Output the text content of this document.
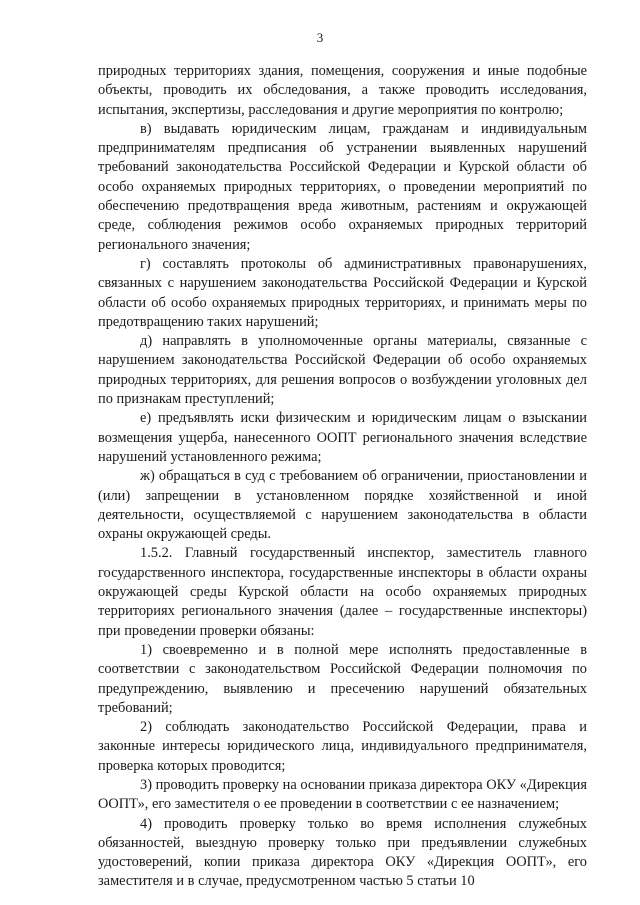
3

природных территориях здания, помещения, сооружения и иные подобные объекты, проводить их обследования, а также проводить исследования, испытания, экспертизы, расследования и другие мероприятия по контролю;

в) выдавать юридическим лицам, гражданам и индивидуальным предпринимателям предписания об устранении выявленных нарушений требований законодательства Российской Федерации и Курской области об особо охраняемых природных территориях, о проведении мероприятий по обеспечению предотвращения вреда животным, растениям и окружающей среде, соблюдения режимов особо охраняемых природных территорий регионального значения;

г) составлять протоколы об административных правонарушениях, связанных с нарушением законодательства Российской Федерации и Курской области об особо охраняемых природных территориях, и принимать меры по предотвращению таких нарушений;

д) направлять в уполномоченные органы материалы, связанные с нарушением законодательства Российской Федерации об особо охраняемых природных территориях, для решения вопросов о возбуждении уголовных дел по признакам преступлений;

е) предъявлять иски физическим и юридическим лицам о взыскании возмещения ущерба, нанесенного ООПТ регионального значения вследствие нарушений установленного режима;

ж) обращаться в суд с требованием об ограничении, приостановлении и (или) запрещении в установленном порядке хозяйственной и иной деятельности, осуществляемой с нарушением законодательства в области охраны окружающей среды.

1.5.2. Главный государственный инспектор, заместитель главного государственного инспектора, государственные инспекторы в области охраны окружающей среды Курской области на особо охраняемых природных территориях регионального значения (далее – государственные инспекторы) при проведении проверки обязаны:

1) своевременно и в полной мере исполнять предоставленные в соответствии с законодательством Российской Федерации полномочия по предупреждению, выявлению и пресечению нарушений обязательных требований;

2) соблюдать законодательство Российской Федерации, права и законные интересы юридического лица, индивидуального предпринимателя, проверка которых проводится;

3) проводить проверку на основании приказа директора ОКУ «Дирекция ООПТ», его заместителя о ее проведении в соответствии с ее назначением;

4) проводить проверку только во время исполнения служебных обязанностей, выездную проверку только при предъявлении служебных удостоверений, копии приказа директора ОКУ «Дирекция ООПТ», его заместителя и в случае, предусмотренном частью 5 статьи 10
